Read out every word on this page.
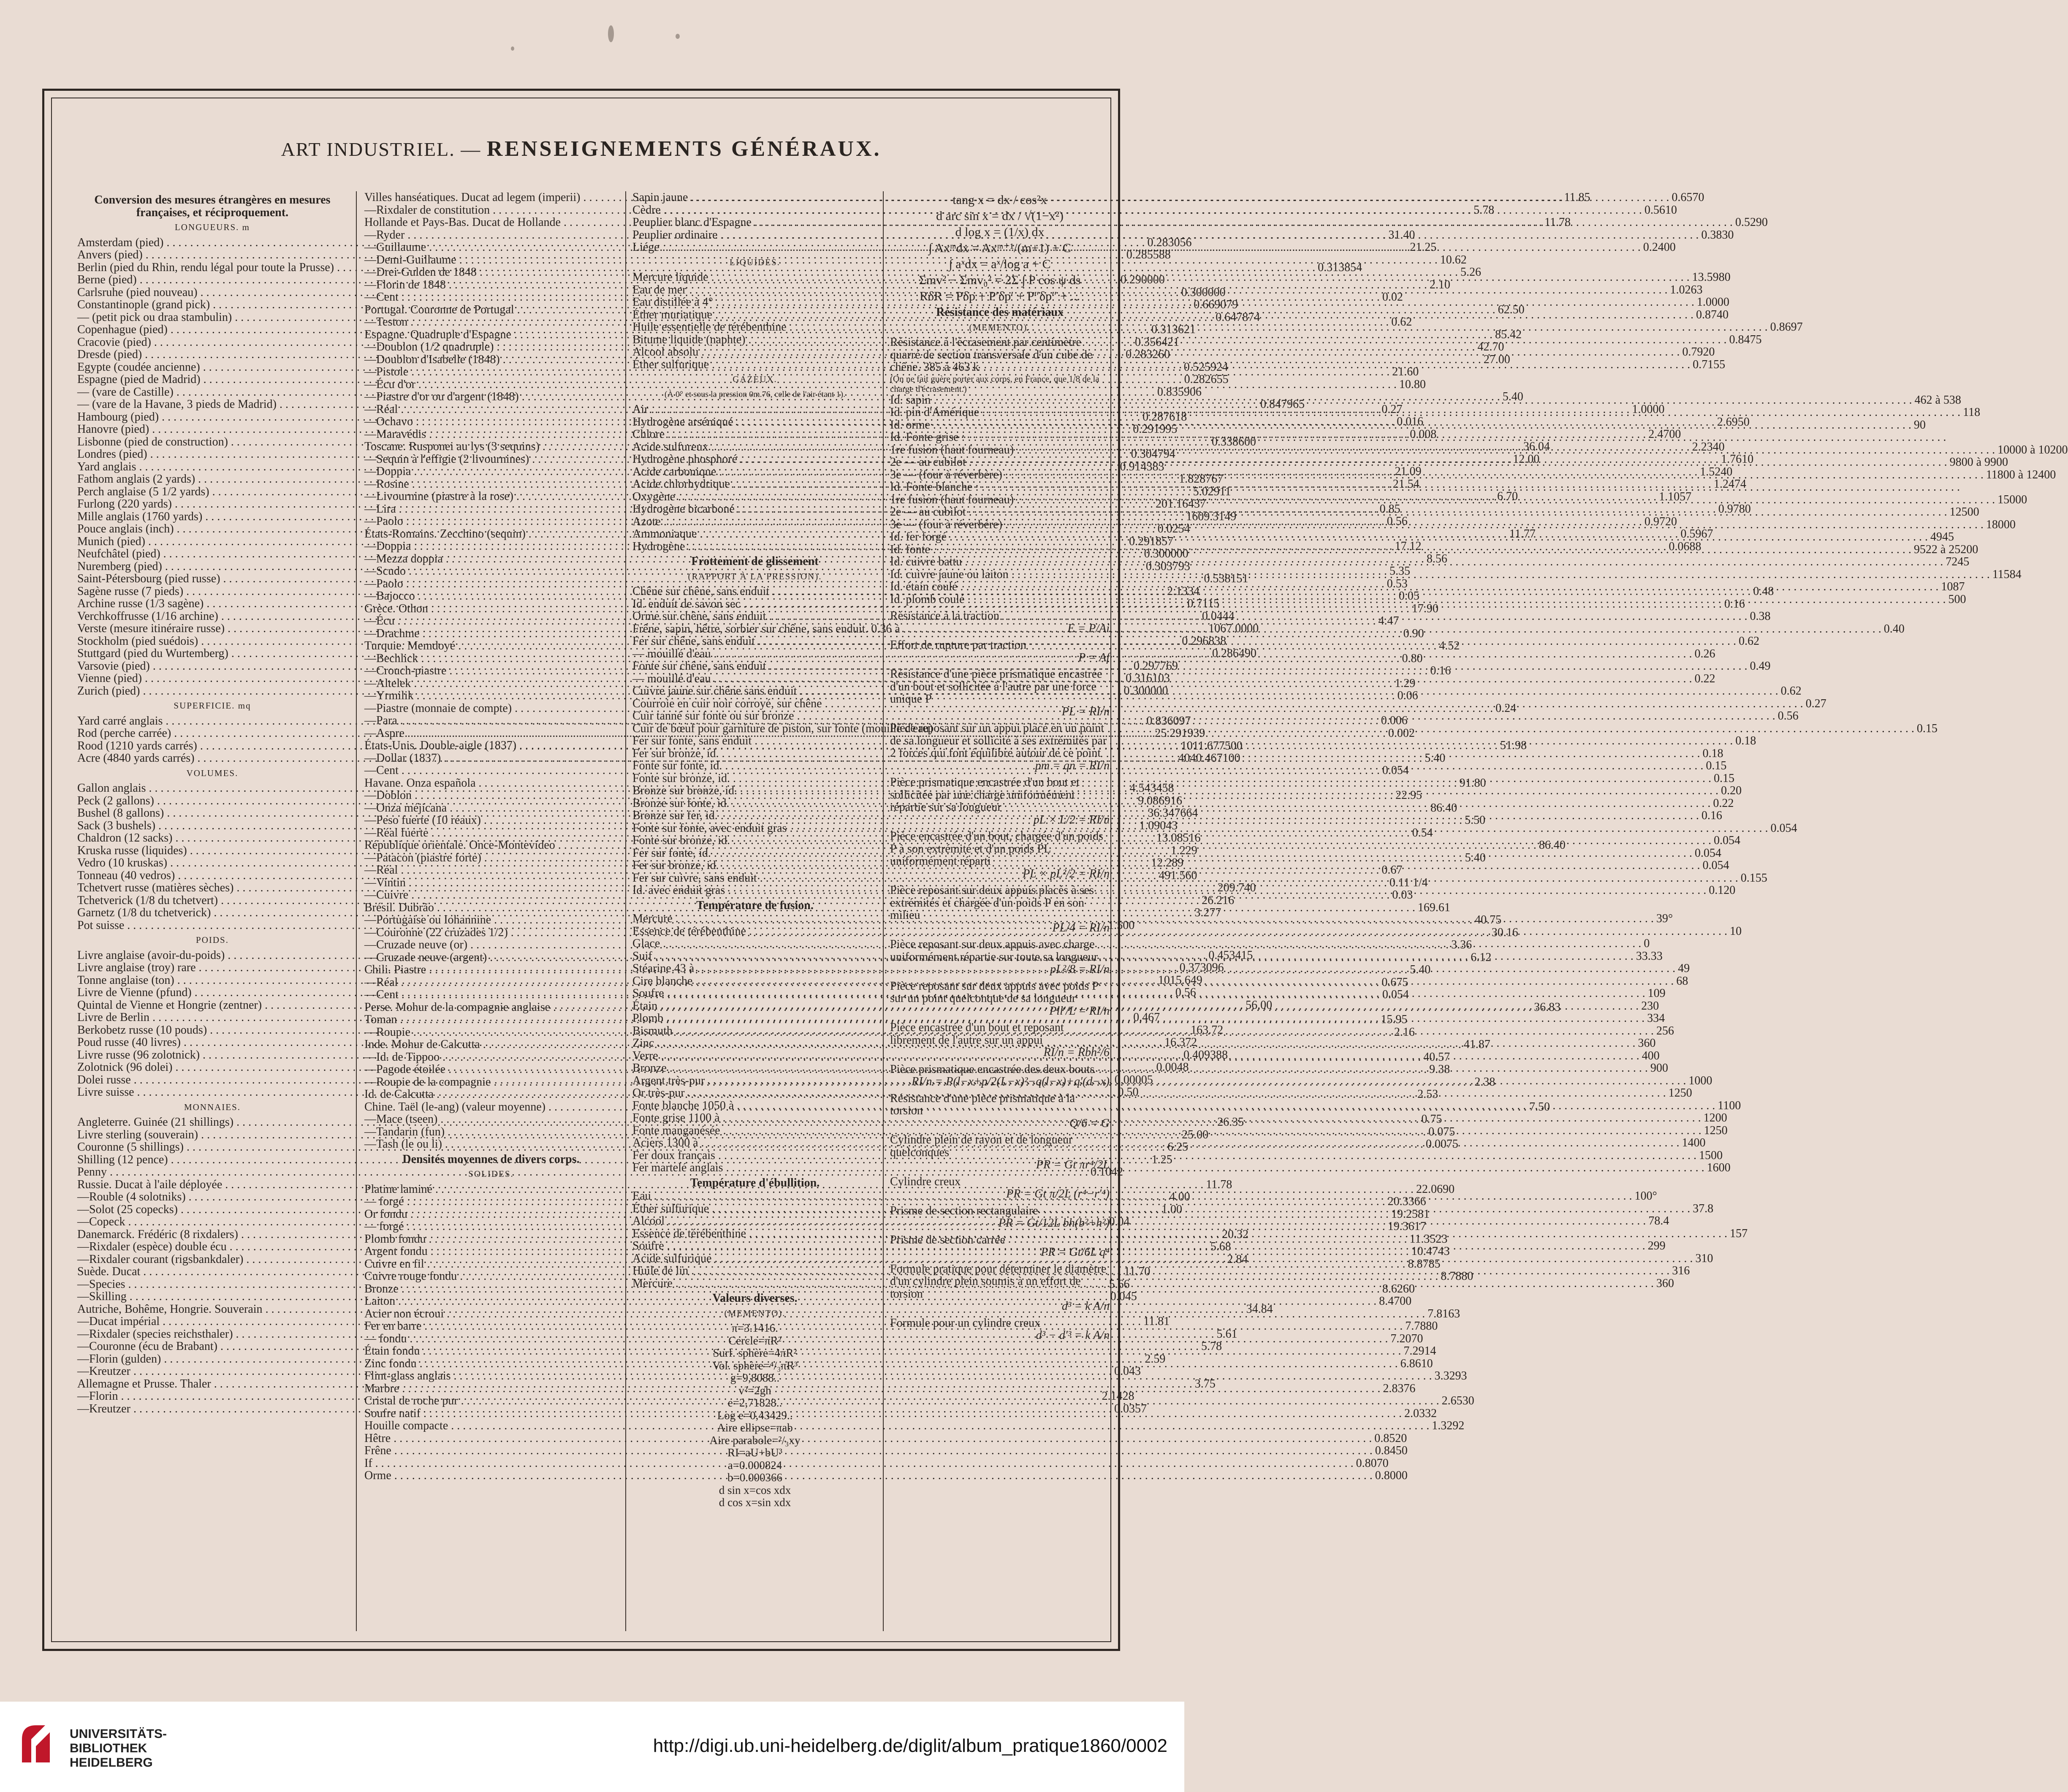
ART INDUSTRIEL. — RENSEIGNEMENTS GÉNÉRAUX.
Conversion des mesures étrangères en mesures françaises, et réciproquement.
LONGUEURS. m
Amsterdam (pied) . . .	0.283056
Anvers (pied) . . .	0.285588
Berlin (pied du Rhin, rendu légal pour toute la Prusse) . . .	0.313854
Berne (pied) . . .	0.290000
Carlsruhe (pied nouveau) . . .	0.300000
Constantinople (grand pick) . . .	0.669079
— (petit pick ou draa stambulin) . . .	0.647874
Copenhague (pied) . . .	0.313621
Cracovie (pied) . . .	0.356421
Dresde (pied) . . .	0.283260
Egypte (coudée ancienne) . . .	0.525924
Espagne (pied de Madrid) . . .	0.282655
— (vare de Castille) . . .	0.835906
— (vare de la Havane, 3 pieds de Madrid) . . .	0.847965
Hambourg (pied) . . .	0.287618
Hanovre (pied) . . .	0.291995
Lisbonne (pied de construction) . . .	0.338600
Londres (pied) . . .	0.304794
Yard anglais . . .	0.914383
Fathom anglais (2 yards) . . .	1.828767
Perch anglaise (5 1/2 yards) . . .	5.02911
Furlong (220 yards) . . .	201.16437
Mille anglais (1760 yards) . . .	1609.3149
Pouce anglais (inch) . . .	0.0254
Munich (pied) . . .	0.291857
Neufchâtel (pied) . . .	0.300000
Nuremberg (pied) . . .	0.303793
Saint-Pétersbourg (pied russe) . . .	0.538151
Sagène russe (7 pieds) . . .	2.1334
Archine russe (1/3 sagène) . . .	0.7115
Verchkoffrusse (1/16 archine) . . .	0.0444
Verste (mesure itinéraire russe) . . .	1067.0000
Stockholm (pied suédois) . . .	0.296838
Stuttgard (pied du Wurtemberg) . . .	0.286490
Varsovie (pied) . . .	0.297769
Vienne (pied) . . .	0.316103
Zurich (pied) . . .	0.300000
SUPERFICIE. mq
Yard carré anglais . . .	0.836097
Rod (perche carrée) . . .	25.291939
Rood (1210 yards carrés) . . .	1011.677500
Acre (4840 yards carrés) . . .	4040.467100
VOLUMES.
Gallon anglais . . .	4.543458
Peck (2 gallons) . . .	9.086916
Bushel (8 gallons) . . .	36.347664
Sack (3 bushels) . . .	1.09043
Chaldron (12 sacks) . . .	13.08516
Kruska russe (liquides) . . .	1.229
Vedro (10 kruskas) . . .	12.289
Tonneau (40 vedros) . . .	491.560
Tchetvert russe (matières sèches) . . .	209.740
Tchetverick (1/8 du tchetvert) . . .	26.216
Garnetz (1/8 du tchetverick) . . .	3.277
Pot suisse . . .	1.500
POIDS.
Livre anglaise (avoir-du-poids) . . .	0.453415
Livre anglaise (troy) rare . . .	0.373096
Tonne anglaise (ton) . . .	1015.649
Livre de Vienne (pfund) . . .	0.56
Quintal de Vienne et Hongrie (zentner) . . .	56.00
Livre de Berlin . . .	0.467
Berkobetz russe (10 pouds) . . .	163.72
Poud russe (40 livres) . . .	16.372
Livre russe (96 zolotnick) . . .	0.409388
Zolotnick (96 dolei) . . .	0.0048
Dolei russe . . .	0.00005
Livre suisse . . .	0.50
MONNAIES.
Angleterre. Guinée (21 shillings) . . .	26.35
Livre sterling (souverain) . . .	25.00
Couronne (5 shillings) . . .	6.25
Shilling (12 pence) . . .	1.25
Penny . . .	0.1042
Russie. Ducat à l'aile déployée . . .	11.78
—Rouble (4 solotniks) . . .	4.00
—Solot (25 copecks) . . .	1.00
—Copeck . . .	0.04
Danemarck. Frédéric (8 rixdalers) . . .	20.32
—Rixdaler (espèce) double écu . . .	5.68
—Rixdaler courant (rigsbankdaler) . . .	2.84
Suède. Ducat . . .	11.70
—Species . . .	5.66
—Skilling . . .	0.045
Autriche, Bohême, Hongrie. Souverain . . .	34.84
—Ducat impérial . . .	11.81
—Rixdaler (species reichsthaler) . . .	5.61
—Couronne (écu de Brabant) . . .	5.78
—Florin (gulden) . . .	2.59
—Kreutzer . . .	0.043
Allemagne et Prusse. Thaler . . .	3.75
—Florin . . .	2.1428
—Kreutzer . . .	0.0357
Villes hanséatiques. Ducat ad legem (imperii) . . .	11.85
—Rixdaler de constitution . . .	5.78
Hollande et Pays-Bas. Ducat de Hollande . . .	11.78
—Ryder . . .	31.40
—Guillaume . . .	21.25
—Demi-Guillaume . . .	10.62
—Drei-Gulden de 1848 . . .	5.26
—Florin de 1848 . . .	2.10
—Cent . . .	0.02
Portugal. Couronne de Portugal . . .	62.50
—Teston . . .	0.62
Espagne. Quadruple d'Espagne . . .	85.42
—Doublon (1/2 quadruple) . . .	42.70
—Doublon d'Isabelle (1848) . . .	27.00
—Pistole . . .	21.60
—Écu d'or . . .	10.80
—Piastre d'or ou d'argent (1848) . . .	5.40
—Réal . . .	0.27
—Ochavo . . .	0.016
—Maravédis . . .	0.008
Toscane. Rusponei au lys (3 sequins) . . .	36.04
—Sequin à l'effigie (2 livournines) . . .	12.00
—Doppia . . .	21.09
—Rosine . . .	21.54
—Livournine (piastre à la rose) . . .	6.70
—Lira . . .	0.85
—Paolo . . .	0.56
États-Romains. Zecchino (sequin) . . .	11.77
—Doppia . . .	17.12
—Mezza doppia . . .	8.56
—Scudo . . .	5.35
—Paolo . . .	0.53
—Bajocco . . .	0.05
Grèce. Othon . . .	17.90
—Écu . . .	4.47
—Drachme . . .	0.90
Turquie. Memdoyé . . .	4.52
—Bechlick . . .	0.80
—Crouch-piastre . . .	0.16
—Altelek . . .	1.29
—Yrmilik . . .	0.06
—Piastre (monnaie de compte) . . .	0.24
—Para . . .	0.006
—Aspre . . .	0.002
États-Unis. Double-aigle (1837) . . .	51.98
—Dollar (1837) . . .	5.40
—Cent . . .	0.054
Havane. Onza española . . .	91.80
—Doblon . . .	22.95
—Onza méjicana . . .	86.40
—Peso fuerte (10 réaux) . . .	5.50
—Réal fuerte . . .	0.54
République orientale. Once-Montevideo . . .	86.40
—Patacon (piastre forte) . . .	5.40
—Réal . . .	0.67
—Vintin . . .	0.11 1/4
—Cuivre . . .	0.03
Brésil. Dubrão . . .	169.61
—Portugaise ou Iohannine . . .	40.75
—Couronne (22 cruzades 1/2) . . .	30.16
—Cruzade neuve (or) . . .	3.36
—Cruzade neuve (argent) . . .	6.12
Chili. Piastre . . .	5.40
—Réal . . .	0.675
—Cent . . .	0.054
Perse. Mohur de la compagnie anglaise . . .	36.83
Toman . . .	15.95
—Roupie . . .	2.16
Inde. Mohur de Calcutta . . .	41.87
—Id. de Tippoo . . .	40.57
—Pagode étoilée . . .	9.38
—Roupie de la compagnie . . .	2.38
Id. de Calcutta . . .	2.53
Chine. Taël (le-ang) (valeur moyenne) . . .	7.50
—Mace (tseen) . . .	0.75
—Tandarin (fun) . . .	0.075
—Tash (le ou li) . . .	0.0075
Densités moyennes de divers corps.
SOLIDES.
Platine laminé . . .	22.0690
— forgé . . .	20.3366
Or fondu . . .	19.2581
— forgé . . .	19.3617
Plomb fondu . . .	11.3523
Argent fondu . . .	10.4743
Cuivre en fil . . .	8.8785
Cuivre rouge fondu . . .	8.7880
Bronze . . .	8.6260
Laiton . . .	8.4700
Acier non écroui . . .	7.8163
Fer en barre . . .	7.7880
— fondu . . .	7.2070
Étain fondu . . .	7.2914
Zinc fondu . . .	6.8610
Flint-glass anglais . . .	3.3293
Marbre . . .	2.8376
Cristal de roche pur . . .	2.6530
Soufre natif . . .	2.0332
Houille compacte . . .	1.3292
Hêtre . . .	0.8520
Frêne . . .	0.8450
If . . .	0.8070
Orme . . .	0.8000
Sapin jaune . . .	0.6570
Cèdre . . .	0.5610
Peuplier blanc d'Espagne . . .	0.5290
Peuplier ordinaire . . .	0.3830
Liége . . .	0.2400
LIQUIDES.
Mercure liquide . . .	13.5980
Eau de mer . . .	1.0263
Eau distillée à 4° . . .	1.0000
Éther muriatique . . .	0.8740
Huile essentielle de térébenthine . . .	0.8697
Bitume liquide (naphte) . . .	0.8475
Alcool absolu . . .	0.7920
Éther sulfurique . . .	0.7155
GAZEUX.
(À 0° et sous la pression 0m.76, celle de l'air étant 1).
Air . . .	1.0000
Hydrogène arséniqué . . .	2.6950
Chlore . . .	2.4700
Acide sulfureux . . .	2.2340
Hydrogène phosphoré . . .	1.7610
Acide carbonique . . .	1.5240
Acide chlorhydrique . . .	1.2474
Oxygène . . .	1.1057
Hydrogène bicarboné . . .	0.9780
Azote . . .	0.9720
Ammoniaque . . .	0.5967
Hydrogène . . .	0.0688
Frottement de glissement
(RAPPORT À LA PRESSION).
Chêne sur chêne, sans enduit . . .	0.48
Id. enduit de savon sec . . .	0.16
Orme sur chêne, sans enduit . . .	0.38
Frêne, sapin, hêtre, sorbier sur chêne, sans enduit. 0.36 à . . .	0.40
Fer sur chêne, sans enduit . . .	0.62
— mouillé d'eau . . .	0.26
Fonte sur chêne, sans enduit . . .	0.49
— mouillé d'eau . . .	0.22
Cuivre jaune sur chêne sans enduit . . .	0.62
Courroie en cuir noir corroyé, sur chêne . . .	0.27
Cuir tanné sur fonte ou sur bronze . . .	0.56
Cuir de bœuf pour garniture de piston, sur fonte (mouillé d'eau) . . .	0.15
Fer sur fonte, sans enduit . . .	0.18
Fer sur bronze, id. . . .	0.18
Fonte sur fonte, id. . . .	0.15
Fonte sur bronze, id. . . .	0.15
Bronze sur bronze, id. . . .	0.20
Bronze sur fonte, id. . . .	0.22
Bronze sur fer, id. . . .	0.16
Fonte sur fonte, avec enduit gras . . .	0.054
Fonte sur bronze, id. . . .	0.054
Fer sur fonte, id. . . .	0.054
Fer sur bronze, id. . . .	0.054
Fer sur cuivre, sans enduit . . .	0.155
Id. avec enduit gras . . .	0.120
Température de fusion.
Mercure . . .	39°
Essence de térébenthine . . .	10
Glace . . .	0
Suif . . .	33.33
Stéarine 43 à . . .	49
Cire blanche . . .	68
Soufre . . .	109
Étain . . .	230
Plomb . . .	334
Bismuth . . .	256
Zinc . . .	360
Verre . . .	400
Bronze . . .	900
Argent très-pur . . .	1000
Or très-pur . . .	1250
Fonte blanche 1050 à . . .	1100
Fonte grise 1100 à . . .	1200
Fonte manganésée . . .	1250
Aciers 1300 à . . .	1400
Fer doux français . . .	1500
Fer martelé anglais . . .	1600
Température d'ébullition.
Eau . . .	100°
Éther sulfurique . . .	37.8
Alcool . . .	78.4
Essence de térébenthine . . .	157
Soufre . . .	299
Acide sulfurique . . .	310
Huile de lin . . .	316
Mercure . . .	360
Valeurs diverses.
(MEMENTO).
π=3.1416.
Cercle=πR²
Surf. sphère=4πR²
Vol. sphère=⁴/₃πR³
g=9,8088..
v²=2gh
e=2,71828..
Log e=0,43429..
Aire ellipse=πab
Aire parabole=²/₃xy
RI=aU+bU³
a=0.000824
b=0.000366
d sin x=cos xdx
d cos x=sin xdx
tang x = dx / cos²x
d arc sin x = dx / √(1−x²)
d log x = (1/x) dx
∫ Axᵐdx = Axᵐ⁺¹/(m+1) + C
∫ aˣdx = aˣ/log a + C
Σmv² − Σmv₀² = 2Σ ∫ P cos ψ ds
RδR = Pδp + P′δp′ + P″δp″ + ...
Résistance des matériaux
(MEMENTO).
Résistance à l'écrasement par centimètre quarré de section transversale d'un cube de chêne. 385 à 463 k
(On ne fait guère porter aux corps, en France, que 1/8 de la charge d'écrasement.)
Id. sapin . . .	462 à 538
Id. pin d'Amérique . . .	118
Id. orme . . .	90
Id. Fonte grise : . . .
1re fusion (haut fourneau) . . .	10000 à 10200
2e — au cubilot . . .	9800 à 9900
3e — (four à réverbère) . . .	11800 à 12400
Id. Fonte blanche : . . .
1re fusion (haut fourneau) . . .	15000
2e — au cubilot . . .	12500
3e — (four à réverbère) . . .	18000
Id. fer forgé . . .	4945
Id. fonte . . .	9522 à 25200
Id. cuivre battu . . .	7245
Id. cuivre jaune ou laiton . . .	11584
Id. étain coulé . . .	1087
Id. plomb coulé . . .	500
Résistance à la traction
E = P/Ai
Effort de rupture par traction
P = Af
Résistance d'une pièce prismatique encastrée d'un bout et sollicitée à l'autre par une force unique P
PL = RI/n
Pièce reposant sur un appui placé en un point de sa longueur et sollicité à ses extrémités par 2 forces qui font équilibre autour de ce point
pm = qn = RI/n
Pièce prismatique encastrée d'un bout et sollicitée par une charge uniformément répartie sur sa longueur
pL × L/2 = RI/n
Pièce encastrée d'un bout, chargée d'un poids P à son extrémité et d'un poids PL uniformément réparti
PL × pL²/2 = RI/n
Pièce reposant sur deux appuis placés à ses extrémités et chargée d'un poids P en son milieu
PL/4 = RI/n
Pièce reposant sur deux appuis avec charge uniformément répartie sur toute sa longueur
pL²/8 = RI/n
Pièce reposant sur deux appuis avec poids P sur un point quelconque de sa longueur
Pll′/L = RI/n
Pièce encastrée d'un bout et reposant librement de l'autre sur un appui
RI/n = Rbh²/6
Pièce prismatique encastrée des deux bouts
RI/n = P(l−x+p/2(L−x)²−q(l−x)+q′(d−x)
Résistance d'une pièce prismatique à la torsion
Q/6 = G
Cylindre plein de rayon et de longueur quelconques
PR = Gt πr⁴/2L
Cylindre creux
PR = Gt π/2L (r⁴−r′⁴)
Prisme de section rectangulaire
PR = Gt/12L bh(b²+h²)
Prisme de section carrée
PR = Gt/6L q⁴
Formule pratique pour déterminer le diamètre d'un cylindre plein soumis à un effort de torsion
d³ = k A/n
Formule pour un cylindre creux
d³ − d′³ = k A/n
UNIVERSITÄTS-
BIBLIOTHEK
HEIDELBERG
http://digi.ub.uni-heidelberg.de/diglit/album_pratique1860/0002
